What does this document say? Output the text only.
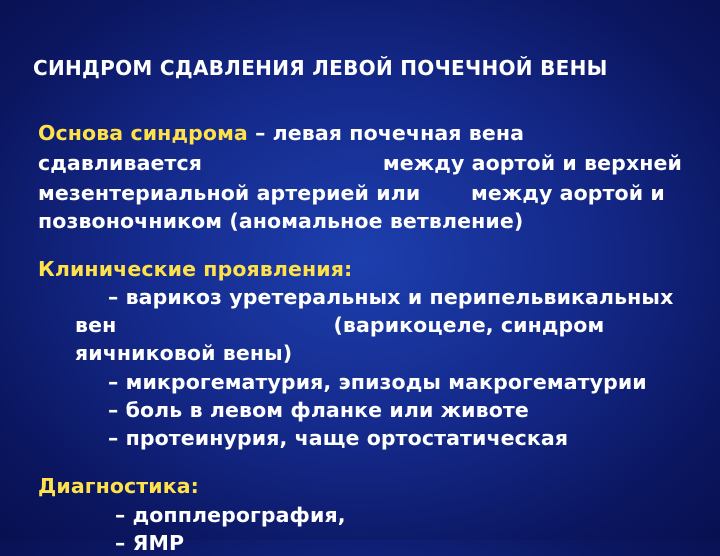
СИНДРОМ СДАВЛЕНИЯ ЛЕВОЙ ПОЧЕЧНОЙ ВЕНЫ
Основа синдрома – левая почечная вена
сдавливается                         между аортой и верхней
мезентериальной артерией или       между аортой и
позвоночником (аномальное ветвление)
Клинические проявления:
– варикоз уретеральных и перипельвикальных
вен                              (варикоцеле, синдром
яичниковой вены)
– микрогематурия, эпизоды макрогематурии
– боль в левом фланке или животе
– протеинурия, чаще ортостатическая
Диагностика:
– допплерография,
– ЯМР
